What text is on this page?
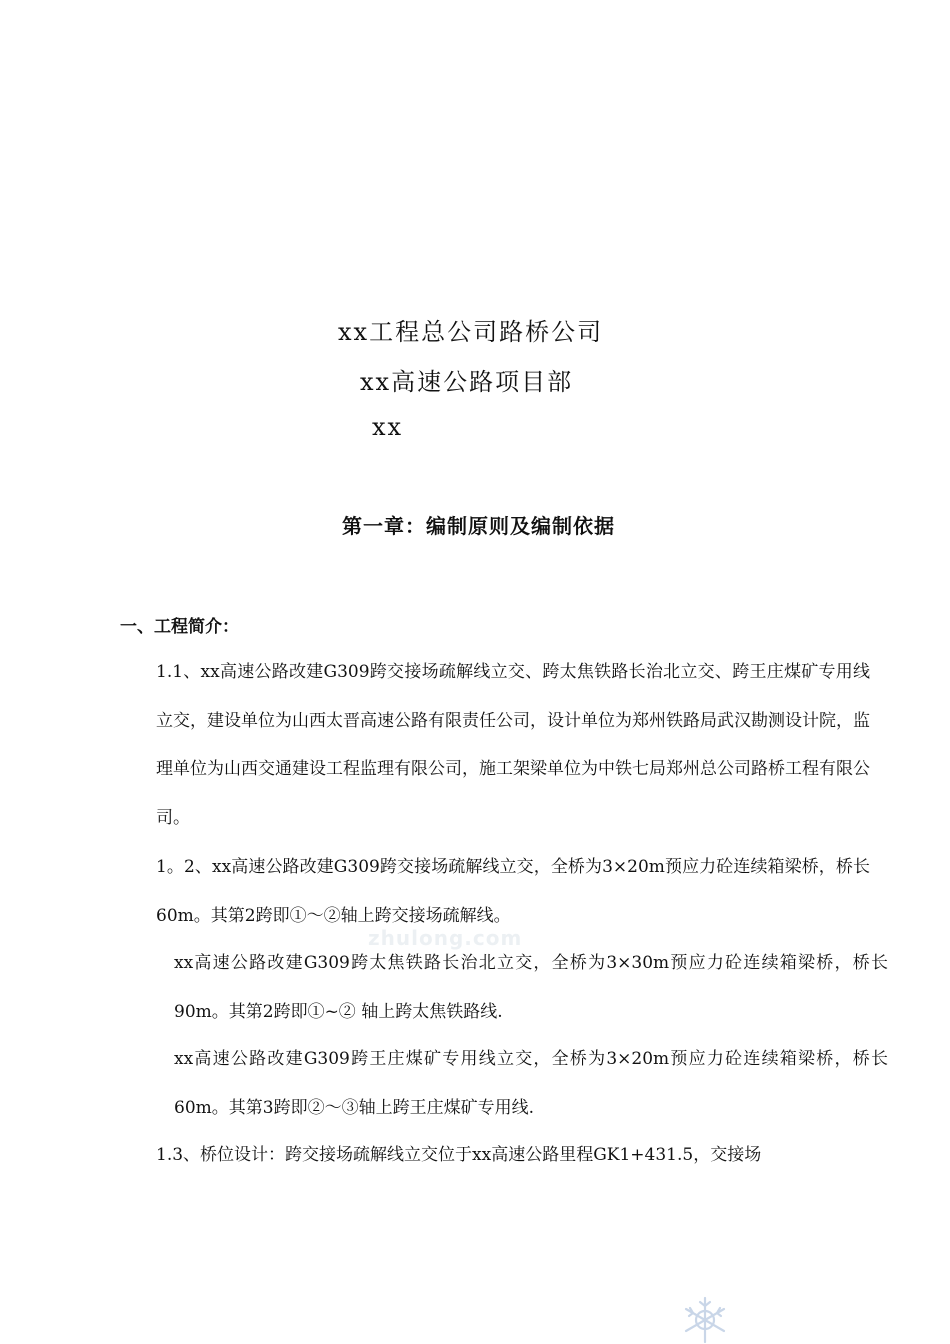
xx工程总公司路桥公司
xx高速公路项目部
xx
第一章：编制原则及编制依据
一、工程简介：
1.1、xx高速公路改建G309跨交接场疏解线立交、跨太焦铁路长治北立交、跨王庄煤矿专用线立交，建设单位为山西太晋高速公路有限责任公司，设计单位为郑州铁路局武汉勘测设计院，监理单位为山西交通建设工程监理有限公司，施工架梁单位为中铁七局郑州总公司路桥工程有限公司。
1。2、xx高速公路改建G309跨交接场疏解线立交，全桥为3×20m预应力砼连续箱梁桥，桥长60m。其第2跨即①～②轴上跨交接场疏解线。
xx高速公路改建G309跨太焦铁路长治北立交，全桥为3×30m预应力砼连续箱梁桥，桥长90m。其第2跨即①~② 轴上跨太焦铁路线.
xx高速公路改建G309跨王庄煤矿专用线立交，全桥为3×20m预应力砼连续箱梁桥，桥长60m。其第3跨即②～③轴上跨王庄煤矿专用线.
1.3、桥位设计：跨交接场疏解线立交位于xx高速公路里程GK1+431.5，交接场
zhulong.com
